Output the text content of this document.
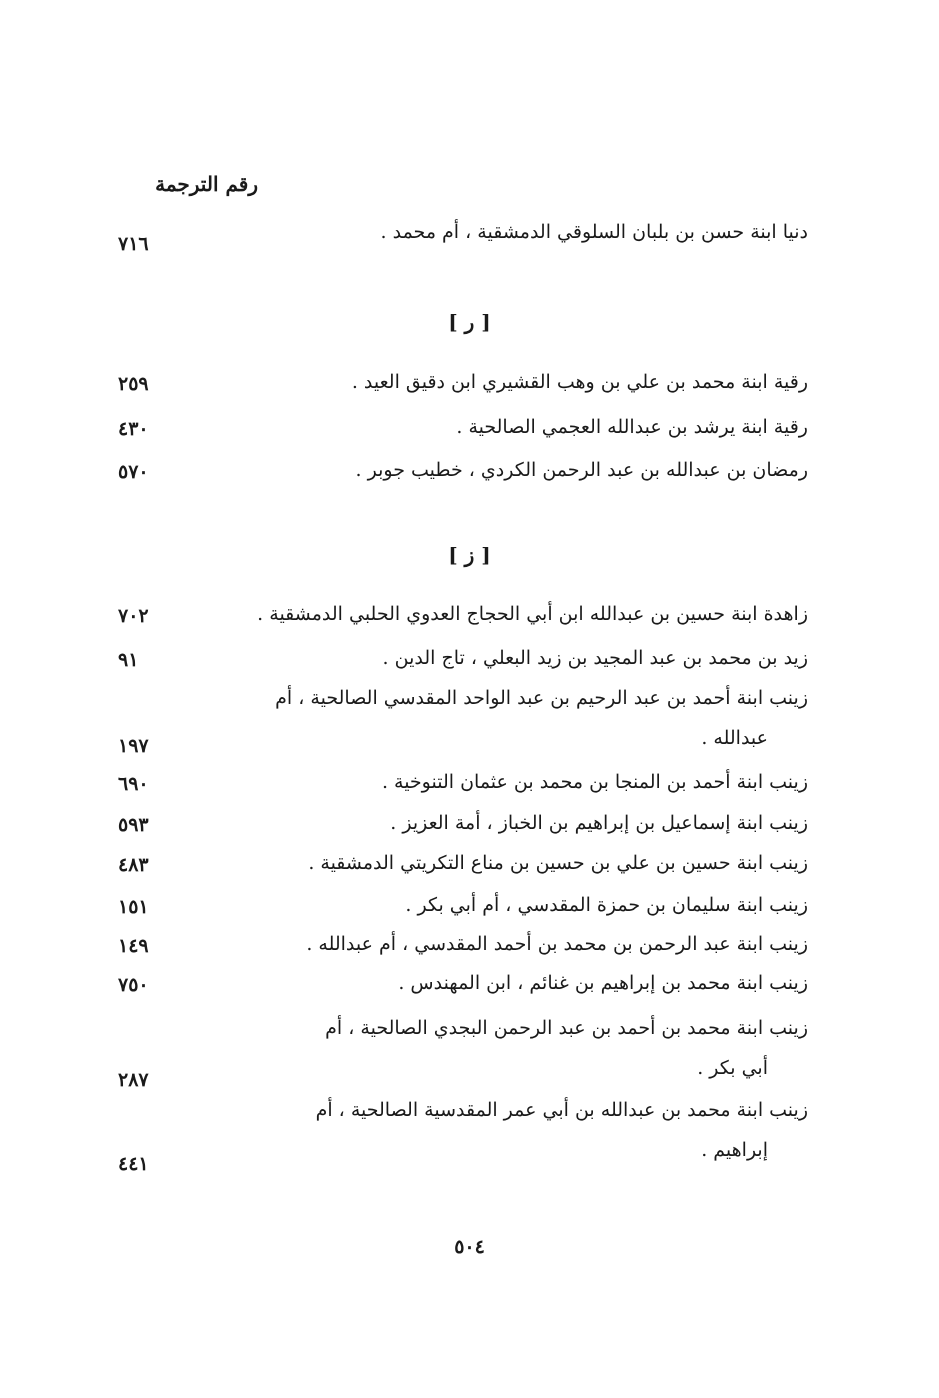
رقم الترجمة
دنيا ابنة حسن بن بلبان السلوقي الدمشقية ، أم محمد .
٧١٦
[ ر ]
رقية ابنة محمد بن علي بن وهب القشيري ابن دقيق العيد .
٢٥٩
رقية ابنة يرشد بن عبدالله العجمي الصالحية .
٤٣٠
رمضان بن عبدالله بن عبد الرحمن الكردي ، خطيب جوبر .
٥٧٠
[ ز ]
زاهدة ابنة حسين بن عبدالله ابن أبي الحجاج العدوي الحلبي الدمشقية .
٧٠٢
زيد بن محمد بن عبد المجيد بن زيد البعلي ، تاج الدين .
٩١
زينب ابنة أحمد بن عبد الرحيم بن عبد الواحد المقدسي الصالحية ، أم
عبدالله .
١٩٧
زينب ابنة أحمد بن المنجا بن محمد بن عثمان التنوخية .
٦٩٠
زينب ابنة إسماعيل بن إبراهيم بن الخباز ، أمة العزيز .
٥٩٣
زينب ابنة حسين بن علي بن حسين بن مناع التكريتي الدمشقية .
٤٨٣
زينب ابنة سليمان بن حمزة المقدسي ، أم أبي بكر .
١٥١
زينب ابنة عبد الرحمن بن محمد بن أحمد المقدسي ، أم عبدالله .
١٤٩
زينب ابنة محمد بن إبراهيم بن غنائم ، ابن المهندس .
٧٥٠
زينب ابنة محمد بن أحمد بن عبد الرحمن البجدي الصالحية ، أم
أبي بكر .
٢٨٧
زينب ابنة محمد بن عبدالله بن أبي عمر المقدسية الصالحية ، أم
إبراهيم .
٤٤١
٥٠٤
